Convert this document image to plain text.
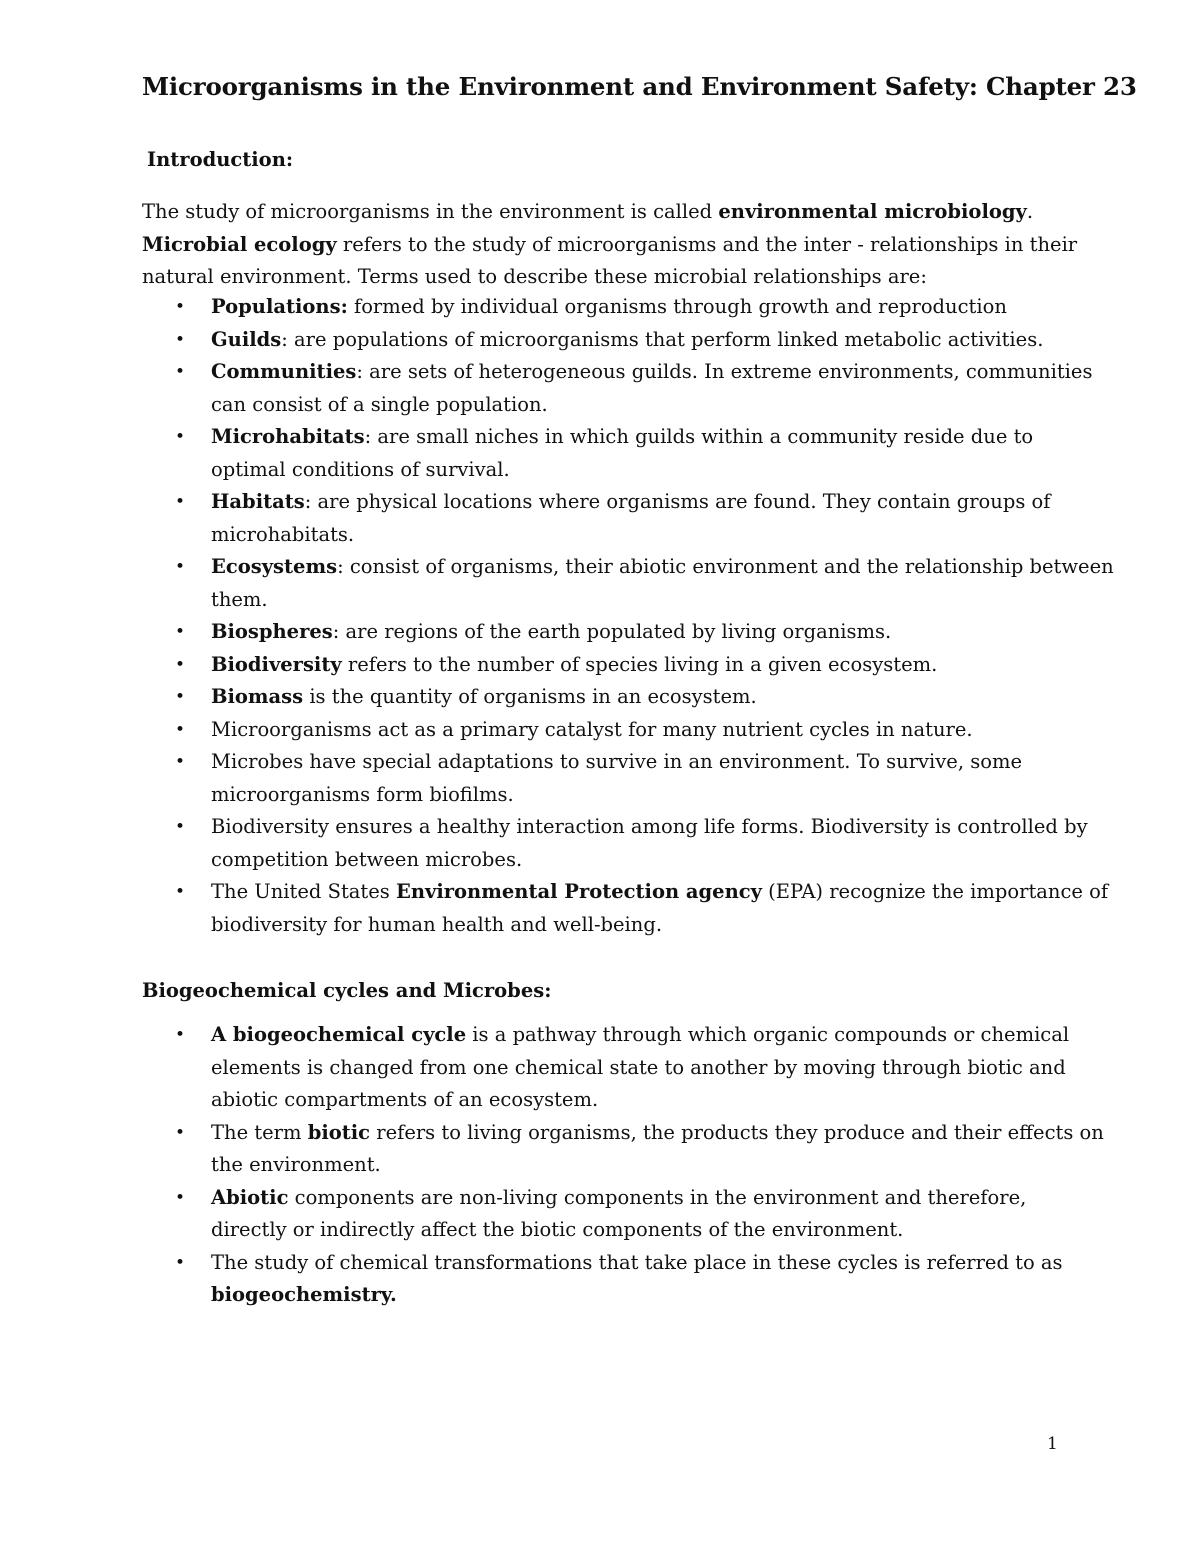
Microorganisms in the Environment and Environment Safety: Chapter 23
Introduction:

The study of microorganisms in the environment is called environmental microbiology.
Microbial ecology refers to the study of microorganisms and the inter - relationships in their
natural environment. Terms used to describe these microbial relationships are:

• Populations: formed by individual organisms through growth and reproduction
• Guilds: are populations of microorganisms that perform linked metabolic activities.
• Communities: are sets of heterogeneous guilds. In extreme environments, communities
can consist of a single population.
• Microhabitats: are small niches in which guilds within a community reside due to
optimal conditions of survival.
• Habitats: are physical locations where organisms are found. They contain groups of
microhabitats.
• Ecosystems: consist of organisms, their abiotic environment and the relationship between
them.
• Biospheres: are regions of the earth populated by living organisms.
• Biodiversity refers to the number of species living in a given ecosystem.
• Biomass is the quantity of organisms in an ecosystem.
• Microorganisms act as a primary catalyst for many nutrient cycles in nature.
• Microbes have special adaptations to survive in an environment. To survive, some
microorganisms form biofilms.
• Biodiversity ensures a healthy interaction among life forms. Biodiversity is controlled by
competition between microbes.
• The United States Environmental Protection agency (EPA) recognize the importance of
biodiversity for human health and well-being.
Biogeochemical cycles and Microbes:
• A biogeochemical cycle is a pathway through which organic compounds or chemical
elements is changed from one chemical state to another by moving through biotic and
abiotic compartments of an ecosystem.
• The term biotic refers to living organisms, the products they produce and their effects on
the environment.
• Abiotic components are non-living components in the environment and therefore,
directly or indirectly affect the biotic components of the environment.
• The study of chemical transformations that take place in these cycles is referred to as
biogeochemistry.
1
